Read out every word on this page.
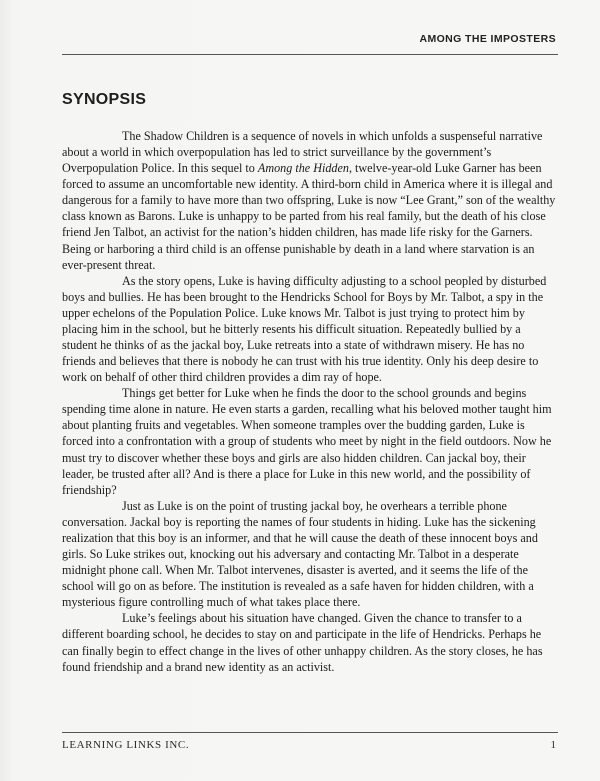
AMONG THE IMPOSTERS
SYNOPSIS

The Shadow Children is a sequence of novels in which unfolds a suspenseful narrative about a world in which overpopulation has led to strict surveillance by the government’s Overpopulation Police. In this sequel to Among the Hidden, twelve-year-old Luke Garner has been forced to assume an uncomfortable new identity. A third-born child in America where it is illegal and dangerous for a family to have more than two offspring, Luke is now “Lee Grant,” son of the wealthy class known as Barons. Luke is unhappy to be parted from his real family, but the death of his close friend Jen Talbot, an activist for the nation’s hidden children, has made life risky for the Garners. Being or harboring a third child is an offense punishable by death in a land where starvation is an ever-present threat.

As the story opens, Luke is having difficulty adjusting to a school peopled by disturbed boys and bullies. He has been brought to the Hendricks School for Boys by Mr. Talbot, a spy in the upper echelons of the Population Police. Luke knows Mr. Talbot is just trying to protect him by placing him in the school, but he bitterly resents his difficult situation. Repeatedly bullied by a student he thinks of as the jackal boy, Luke retreats into a state of withdrawn misery. He has no friends and believes that there is nobody he can trust with his true identity. Only his deep desire to work on behalf of other third children provides a dim ray of hope.

Things get better for Luke when he finds the door to the school grounds and begins spending time alone in nature. He even starts a garden, recalling what his beloved mother taught him about planting fruits and vegetables. When someone tramples over the budding garden, Luke is forced into a confrontation with a group of students who meet by night in the field outdoors. Now he must try to discover whether these boys and girls are also hidden children. Can jackal boy, their leader, be trusted after all? And is there a place for Luke in this new world, and the possibility of friendship?

Just as Luke is on the point of trusting jackal boy, he overhears a terrible phone conversation. Jackal boy is reporting the names of four students in hiding. Luke has the sickening realization that this boy is an informer, and that he will cause the death of these innocent boys and girls. So Luke strikes out, knocking out his adversary and contacting Mr. Talbot in a desperate midnight phone call. When Mr. Talbot intervenes, disaster is averted, and it seems the life of the school will go on as before. The institution is revealed as a safe haven for hidden children, with a mysterious figure controlling much of what takes place there.

Luke’s feelings about his situation have changed. Given the chance to transfer to a different boarding school, he decides to stay on and participate in the life of Hendricks. Perhaps he can finally begin to effect change in the lives of other unhappy children. As the story closes, he has found friendship and a brand new identity as an activist.

LEARNING LINKS INC.	1
